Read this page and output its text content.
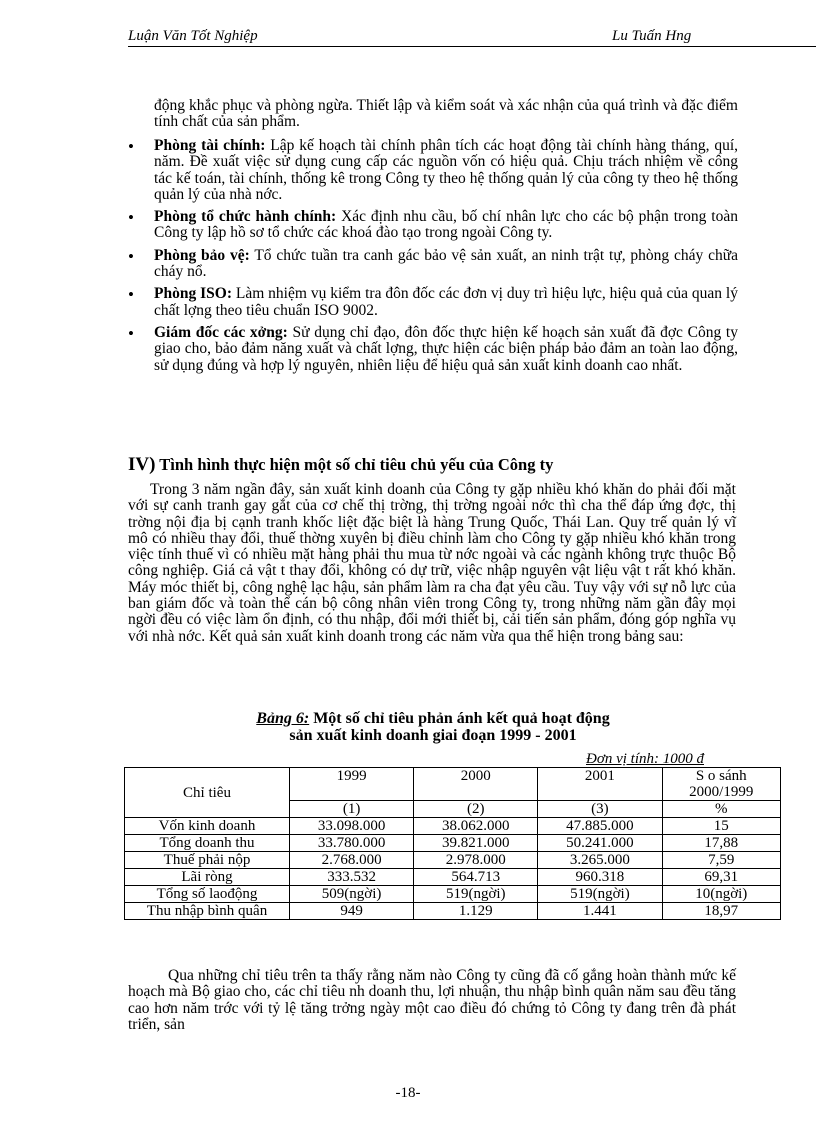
Luận Văn Tốt Nghiệp	Lu Tuấn Hng

động khắc phục và phòng ngừa. Thiết lập và kiểm soát và xác nhận của quá trình và đặc điểm tính chất của sản phẩm.

• Phòng tài chính: Lập kế hoạch tài chính phân tích các hoạt động tài chính hàng tháng, quí, năm. Đề xuất việc sử dụng cung cấp các nguồn vốn có hiệu quả. Chịu trách nhiệm về công tác kế toán, tài chính, thống kê trong Công ty theo hệ thống quản lý của công ty theo hệ thống quản lý của nhà nớc.
• Phòng tổ chức hành chính: Xác định nhu cầu, bố chí nhân lực cho các bộ phận trong toàn Công ty lập hồ sơ tổ chức các khoá đào tạo trong ngoài Công ty.
• Phòng bảo vệ: Tổ chức tuần tra canh gác bảo vệ sản xuất, an ninh trật tự, phòng cháy chữa cháy nổ.
• Phòng ISO: Làm nhiệm vụ kiểm tra đôn đốc các đơn vị duy trì hiệu lực, hiệu quả của quan lý chất lợng theo tiêu chuẩn ISO 9002.
• Giám đốc các xởng: Sử dụng chỉ đạo, đôn đốc thực hiện kế hoạch sản xuất đã đợc Công ty giao cho, bảo đảm năng xuất và chất lợng, thực hiện các biện pháp bảo đảm an toàn lao động, sử dụng đúng và hợp lý nguyên, nhiên liệu để hiệu quả sản xuất kinh doanh cao nhất.
IV) Tình hình thực hiện một số chỉ tiêu chủ yếu của Công ty

Trong 3 năm ngần đây, sản xuất kinh doanh của Công ty gặp nhiều khó khăn do phải đối mặt với sự canh tranh gay gắt của cơ chế thị trờng, thị trờng ngoài nớc thì cha thể đáp ứng đợc, thị trờng nội địa bị cạnh tranh khốc liệt đặc biệt là hàng Trung Quốc, Thái Lan. Quy trế quản lý vĩ mô có nhiều thay đổi, thuế thờng xuyên bị điều chỉnh làm cho Công ty gặp nhiều khó khăn trong việc tính thuế vì có nhiều mặt hàng phải thu mua từ nớc ngoài và các ngành không trực thuộc Bộ công nghiệp. Giá cả vật t thay đổi, không có dự trữ, việc nhập nguyên vật liệu vật t rất khó khăn. Máy móc thiết bị, công nghệ lạc hậu, sản phẩm làm ra cha đạt yêu cầu. Tuy vậy với sự nỗ lực của ban giám đốc và toàn thể cán bộ công nhân viên trong Công ty, trong những năm gần đây mọi ngời đều có việc làm ổn định, có thu nhập, đổi mới thiết bị, cải tiến sản phẩm, đóng góp nghĩa vụ với nhà nớc. Kết quả sản xuất kinh doanh trong các năm vừa qua thể hiện trong bảng sau:

Bảng 6: Một số chỉ tiêu phản ánh kết quả hoạt động
sản xuất kinh doanh giai đoạn 1999 - 2001
Đơn vị tính: 1000 đ
Chỉ tiêu	1999	2000	2001	S o sánh
2000/1999

	(1)	(2)	(3)	%
Vốn kinh doanh	33.098.000	38.062.000	47.885.000	15
Tổng doanh thu	33.780.000	39.821.000	50.241.000	17,88
Thuế phải nộp	2.768.000	2.978.000	3.265.000	7,59
Lãi ròng	333.532	564.713	960.318	69,31
Tổng số laođộng	509(ngời)	519(ngời)	519(ngời)	10(ngời)
Thu nhập bình quân	949	1.129	1.441	18,97

Qua những chỉ tiêu trên ta thấy rằng năm nào Công ty cũng đã cố gắng hoàn thành mức kế hoạch mà Bộ giao cho, các chỉ tiêu nh doanh thu, lợi nhuận, thu nhập bình quân năm sau đều tăng cao hơn năm trớc với tỷ lệ tăng trởng ngày một cao điều đó chứng tỏ Công ty đang trên đà phát triển, sản

-18-
